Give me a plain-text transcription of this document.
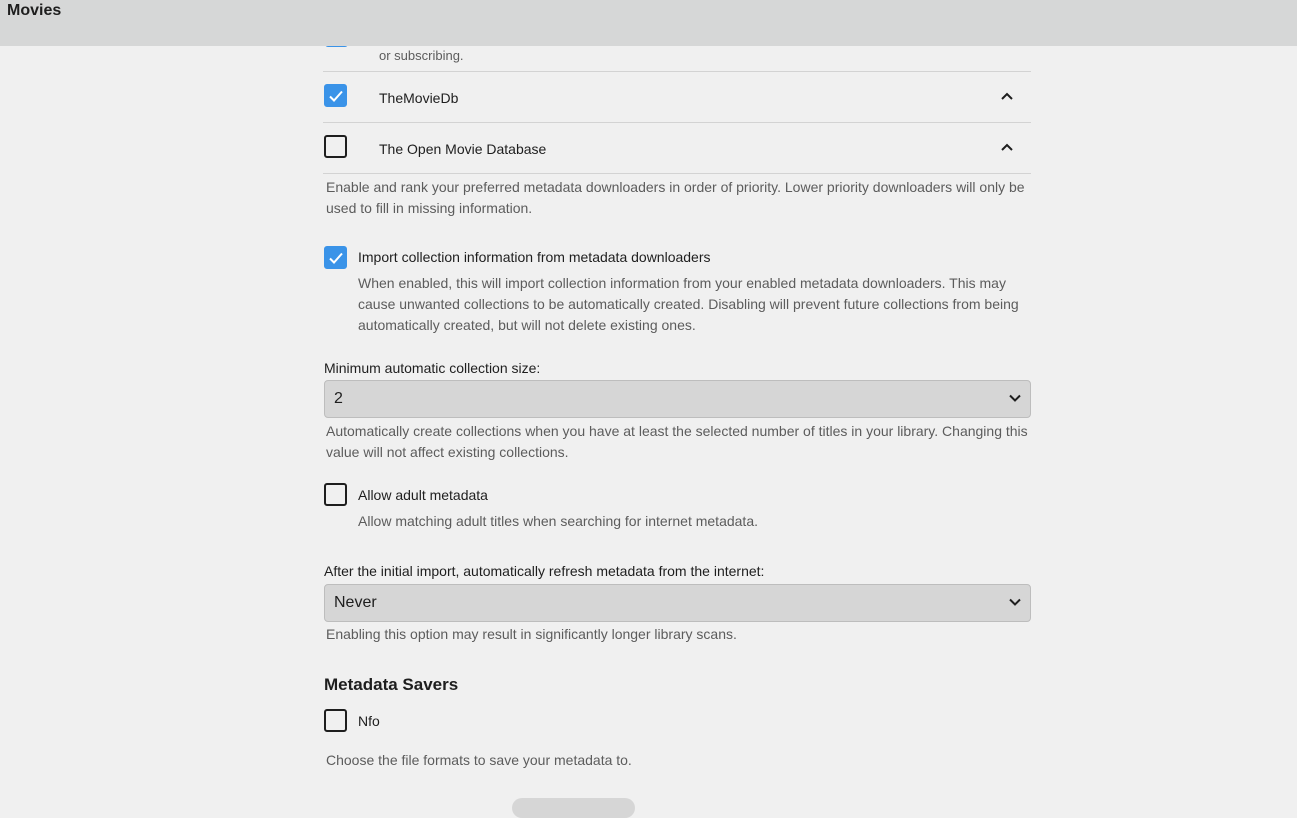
Movies
or subscribing.
TheMovieDb
The Open Movie Database
Enable and rank your preferred metadata downloaders in order of priority. Lower priority downloaders will only be used to fill in missing information.
Import collection information from metadata downloaders
When enabled, this will import collection information from your enabled metadata downloaders. This may cause unwanted collections to be automatically created. Disabling will prevent future collections from being automatically created, but will not delete existing ones.
Minimum automatic collection size:
2
Automatically create collections when you have at least the selected number of titles in your library. Changing this value will not affect existing collections.
Allow adult metadata
Allow matching adult titles when searching for internet metadata.
After the initial import, automatically refresh metadata from the internet:
Never
Enabling this option may result in significantly longer library scans.
Metadata Savers
Nfo
Choose the file formats to save your metadata to.
